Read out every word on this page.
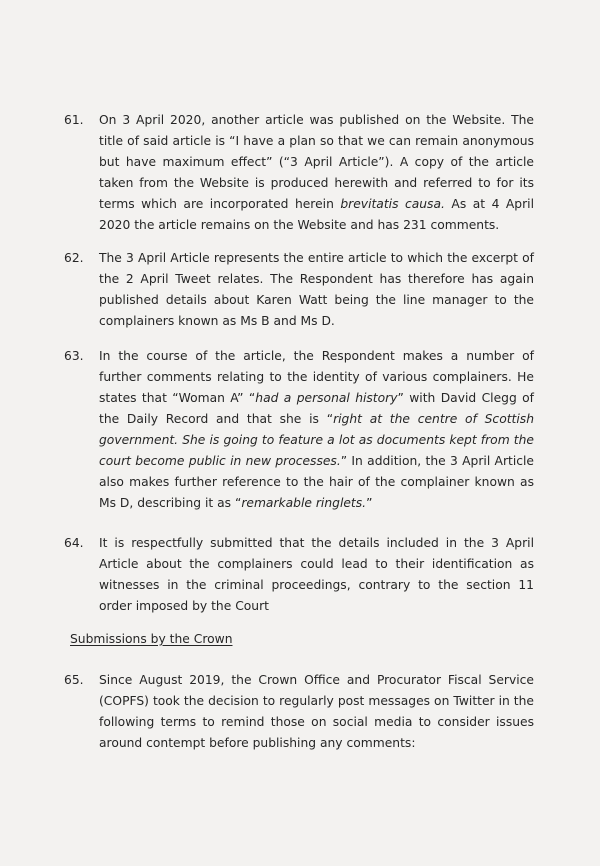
61.	On 3 April 2020, another article was published on the Website. The title of said article is “I have a plan so that we can remain anonymous but have maximum effect” (“3 April Article”). A copy of the article taken from the Website is produced herewith and referred to for its terms which are incorporated herein brevitatis causa. As at 4 April 2020 the article remains on the Website and has 231 comments.
62.	The 3 April Article represents the entire article to which the excerpt of the 2 April Tweet relates. The Respondent has therefore has again published details about Karen Watt being the line manager to the complainers known as Ms B and Ms D.
63.	In the course of the article, the Respondent makes a number of further comments relating to the identity of various complainers. He states that “Woman A” “had a personal history” with David Clegg of the Daily Record and that she is “right at the centre of Scottish government. She is going to feature a lot as documents kept from the court become public in new processes.” In addition, the 3 April Article also makes further reference to the hair of the complainer known as Ms D, describing it as “remarkable ringlets.”
64.	It is respectfully submitted that the details included in the 3 April Article about the complainers could lead to their identification as witnesses in the criminal proceedings, contrary to the section 11 order imposed by the Court
Submissions by the Crown
65.	Since August 2019, the Crown Office and Procurator Fiscal Service (COPFS) took the decision to regularly post messages on Twitter in the following terms to remind those on social media to consider issues around contempt before publishing any comments:
